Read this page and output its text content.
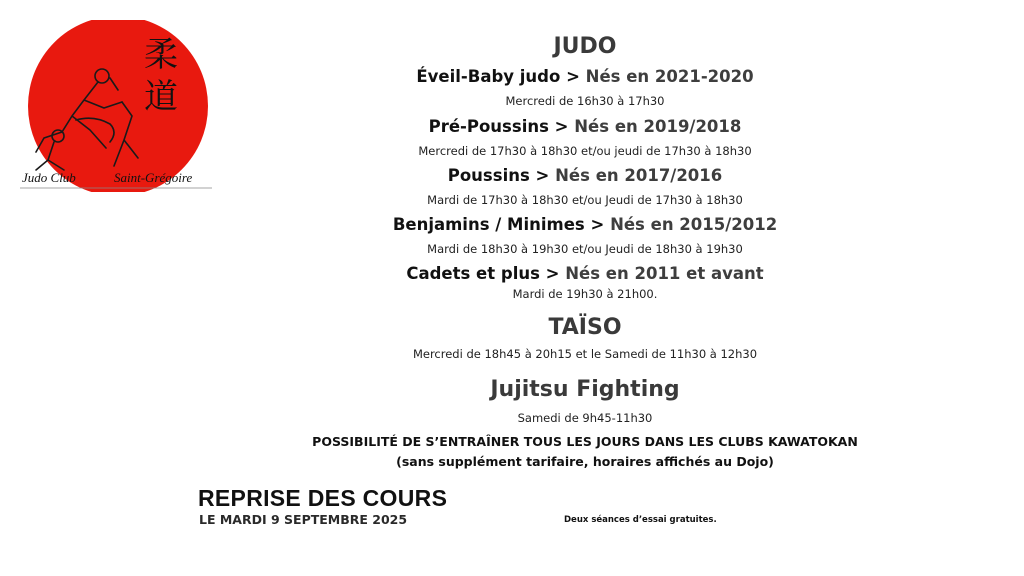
柔
道
Judo Club	Saint-Grégoire
JUDO
Éveil-Baby judo > Nés en 2021-2020
Mercredi de 16h30 à 17h30
Pré-Poussins > Nés en 2019/2018
Mercredi de 17h30 à 18h30 et/ou jeudi de 17h30 à 18h30
Poussins > Nés en 2017/2016
Mardi de 17h30 à 18h30 et/ou Jeudi de 17h30 à 18h30
Benjamins / Minimes > Nés en 2015/2012
Mardi de 18h30 à 19h30 et/ou Jeudi de 18h30 à 19h30
Cadets et plus > Nés en 2011 et avant
Mardi de 19h30 à 21h00.
TAÏSO
Mercredi de 18h45 à 20h15 et le Samedi de 11h30 à 12h30
Jujitsu Fighting
Samedi de 9h45-11h30
POSSIBILITÉ DE S’ENTRAÎNER TOUS LES JOURS DANS LES CLUBS KAWATOKAN
(sans supplément tarifaire, horaires affichés au Dojo)
REPRISE DES COURS
LE MARDI 9 SEPTEMBRE 2025	Deux séances d’essai gratuites.
